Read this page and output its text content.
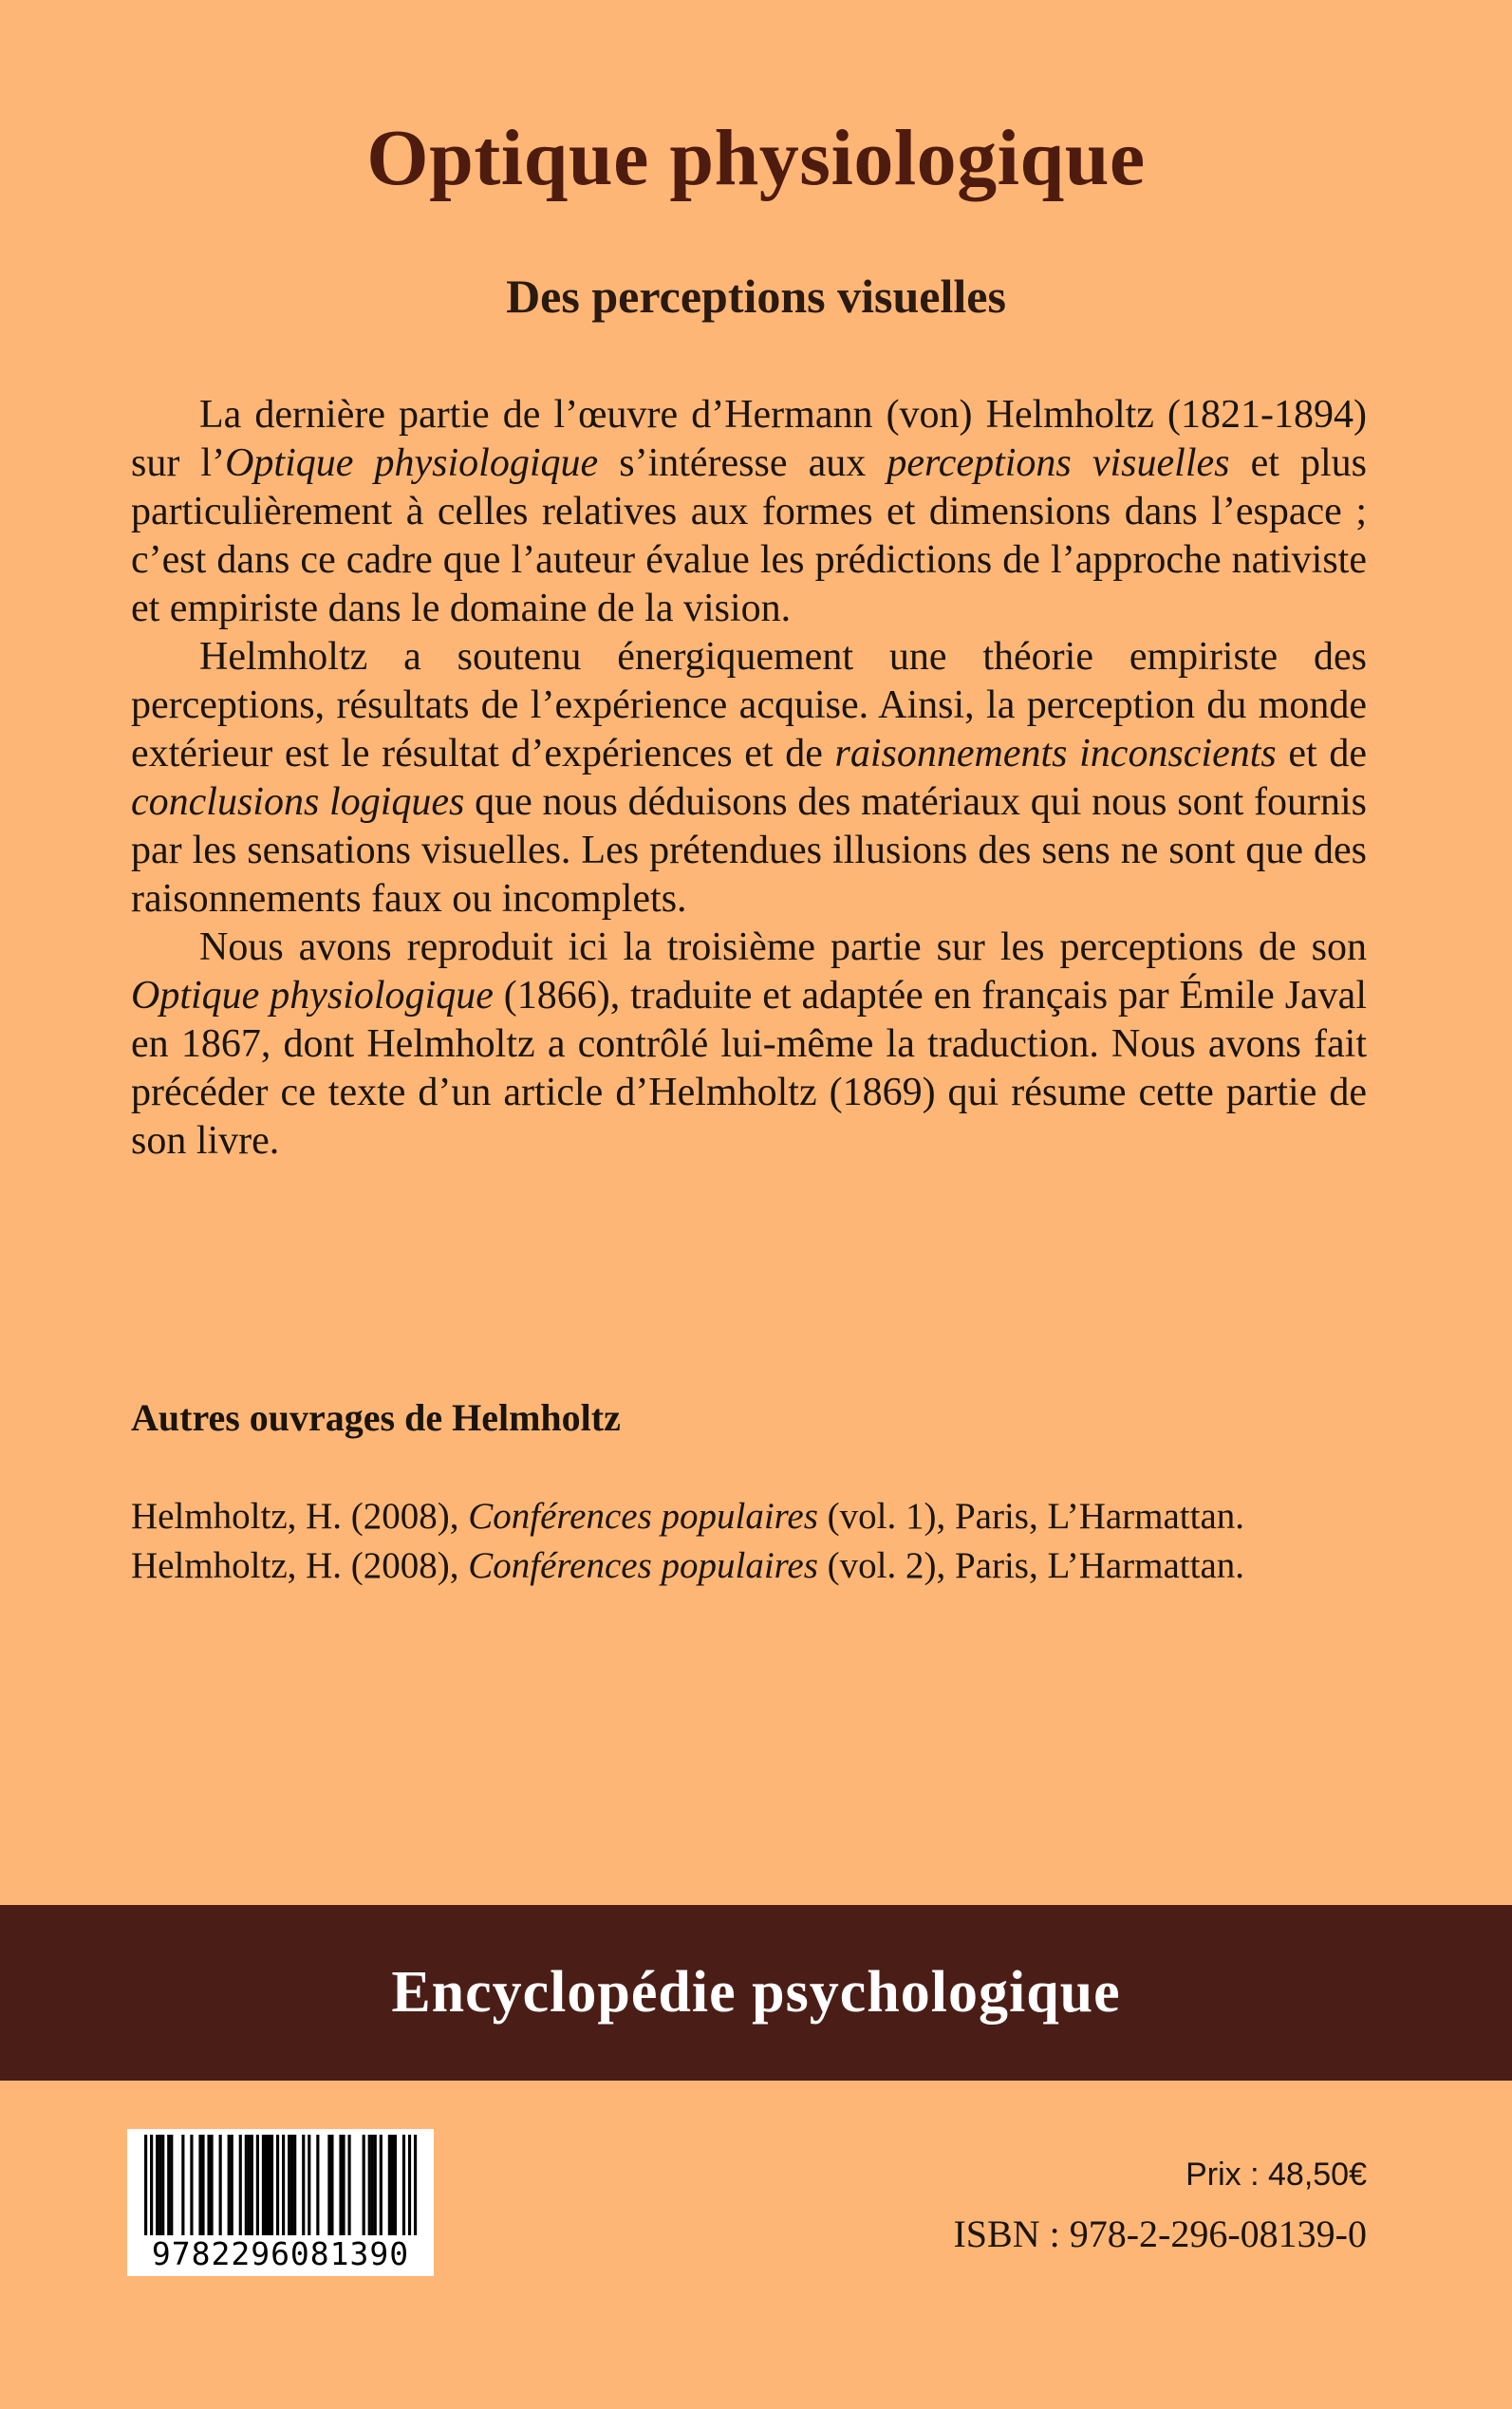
Optique physiologique
Des perceptions visuelles

La dernière partie de l’œuvre d’Hermann (von) Helmholtz (1821-1894) sur l’Optique physiologique s’intéresse aux perceptions visuelles et plus particulièrement à celles relatives aux formes et dimensions dans l’espace ; c’est dans ce cadre que l’auteur évalue les prédictions de l’approche nativiste et empiriste dans le domaine de la vision.

Helmholtz a soutenu énergiquement une théorie empiriste des perceptions, résultats de l’expérience acquise. Ainsi, la perception du monde extérieur est le résultat d’expériences et de raisonnements inconscients et de conclusions logiques que nous déduisons des matériaux qui nous sont fournis par les sensations visuelles. Les prétendues illusions des sens ne sont que des raisonnements faux ou incomplets.

Nous avons reproduit ici la troisième partie sur les perceptions de son Optique physiologique (1866), traduite et adaptée en français par Émile Javal en 1867, dont Helmholtz a contrôlé lui-même la traduction. Nous avons fait précéder ce texte d’un article d’Helmholtz (1869) qui résume cette partie de son livre.

Autres ouvrages de Helmholtz
Helmholtz, H. (2008), Conférences populaires (vol. 1), Paris, L’Harmattan.
Helmholtz, H. (2008), Conférences populaires (vol. 2), Paris, L’Harmattan.
Encyclopédie psychologique
9782296081390
Prix : 48,50€
ISBN : 978-2-296-08139-0
